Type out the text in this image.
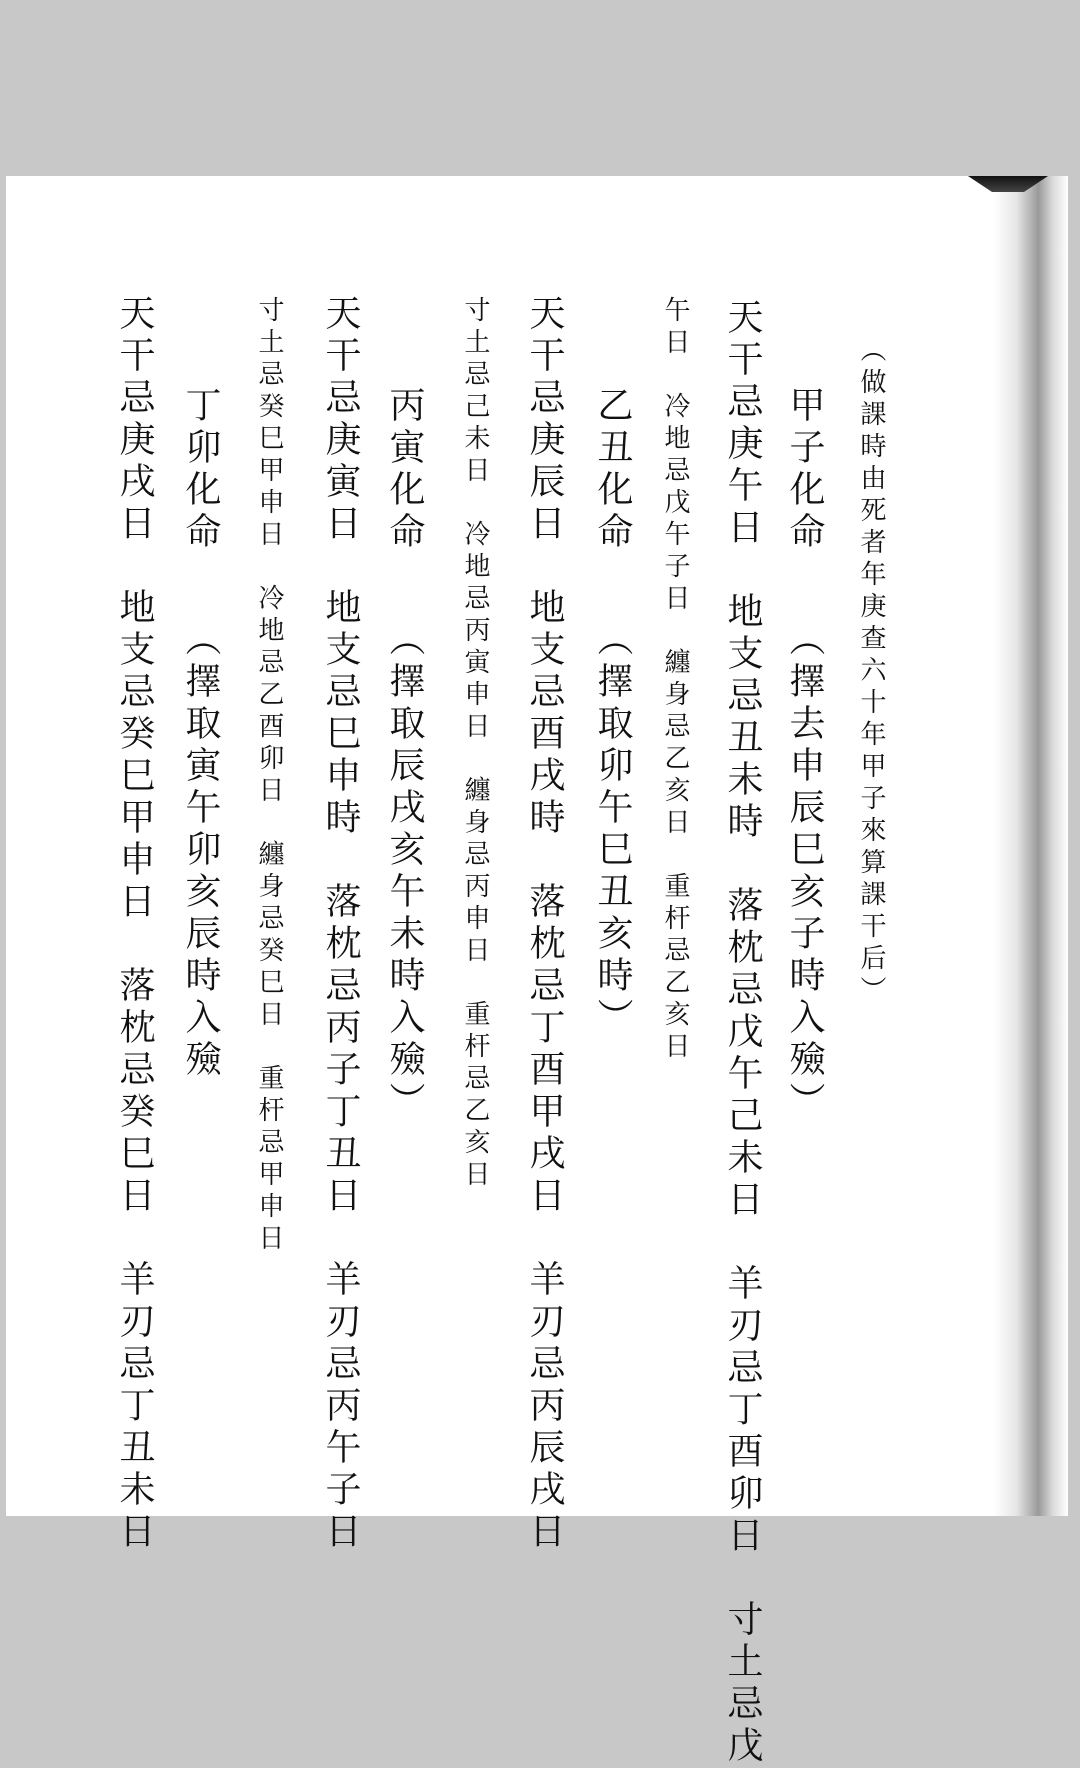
（做課時由死者年庚查六十年甲子來算課干后）
甲子化命　　（擇去申辰巳亥子時入殮）
天干忌庚午日　地支忌丑未時　落枕忌戊午己未日　羊刃忌丁酉卯日　寸土忌戊
午日　冷地忌戊午子日　纏身忌乙亥日　重杆忌乙亥日
乙丑化命　　（擇取卯午巳丑亥時）
天干忌庚辰日　地支忌酉戌時　落枕忌丁酉甲戌日　羊刃忌丙辰戌日
寸土忌己未日　冷地忌丙寅申日　纏身忌丙申日　重杆忌乙亥日
丙寅化命　　（擇取辰戌亥午未時入殮）
天干忌庚寅日　地支忌巳申時　落枕忌丙子丁丑日　羊刃忌丙午子日
寸土忌癸巳甲申日　冷地忌乙酉卯日　纏身忌癸巳日　重杆忌甲申日
丁卯化命　　（擇取寅午卯亥辰時入殮
天干忌庚戌日　地支忌癸巳甲申日　落枕忌癸巳日　羊刃忌丁丑未日
